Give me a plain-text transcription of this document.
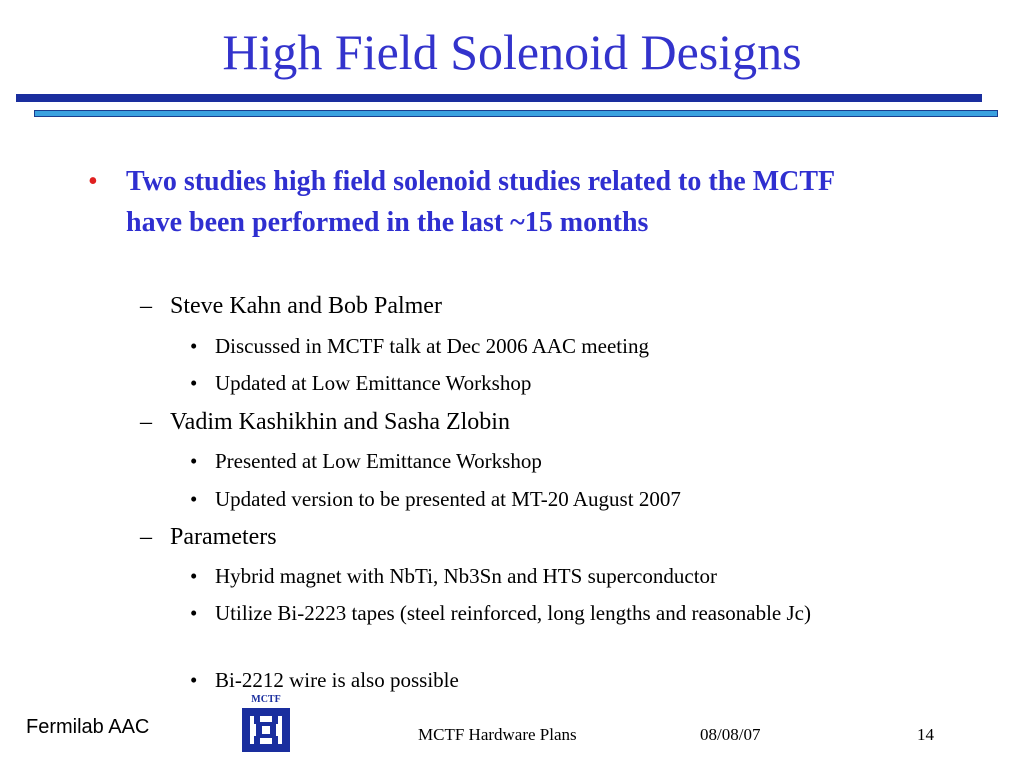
High Field Solenoid Designs
• Two studies high field solenoid studies related to the MCTF have been performed in the last ~15 months
– Steve Kahn and Bob Palmer
• Discussed in MCTF talk at Dec 2006 AAC meeting
• Updated at Low Emittance Workshop
– Vadim Kashikhin and Sasha Zlobin
• Presented at Low Emittance Workshop
• Updated version to be presented at MT-20 August 2007
– Parameters
• Hybrid magnet with NbTi, Nb3Sn and HTS superconductor
• Utilize Bi-2223 tapes (steel reinforced, long lengths and reasonable Jc)
• Bi-2212 wire is also possible
Fermilab AAC
MCTF
MCTF Hardware Plans	08/08/07	14
